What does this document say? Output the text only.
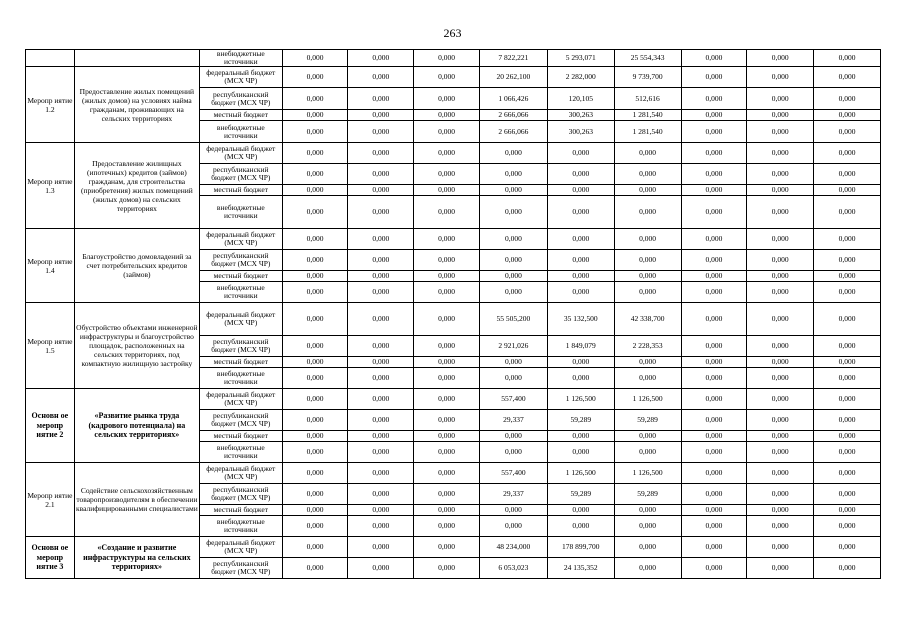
263
		внебюджетные источники	0,000	0,000	0,000	7 822,221	5 293,071	25 554,343	0,000	0,000	0,000
Меропр иятие 1.2	Предоставление жилых помещений (жилых домов) на условиях найма гражданам, проживающих на сельских территориях	федеральный бюджет (МСХ ЧР)	0,000	0,000	0,000	20 262,100	2 282,000	9 739,700	0,000	0,000	0,000
		республиканский бюджет (МСХ ЧР)	0,000	0,000	0,000	1 066,426	120,105	512,616	0,000	0,000	0,000
		местный бюджет	0,000	0,000	0,000	2 666,066	300,263	1 281,540	0,000	0,000	0,000
		внебюджетные источники	0,000	0,000	0,000	2 666,066	300,263	1 281,540	0,000	0,000	0,000
Меропр иятие 1.3	Предоставление жилищных (ипотечных) кредитов (займов) гражданам, для строительства (приобретения) жилых помещений (жилых домов) на сельских территориях	федеральный бюджет (МСХ ЧР)	0,000	0,000	0,000	0,000	0,000	0,000	0,000	0,000	0,000
		республиканский бюджет (МСХ ЧР)	0,000	0,000	0,000	0,000	0,000	0,000	0,000	0,000	0,000
		местный бюджет	0,000	0,000	0,000	0,000	0,000	0,000	0,000	0,000	0,000
		внебюджетные источники	0,000	0,000	0,000	0,000	0,000	0,000	0,000	0,000	0,000
Меропр иятие 1.4	Благоустройство домовладений за счет потребительских кредитов (займов)	федеральный бюджет (МСХ ЧР)	0,000	0,000	0,000	0,000	0,000	0,000	0,000	0,000	0,000
		республиканский бюджет (МСХ ЧР)	0,000	0,000	0,000	0,000	0,000	0,000	0,000	0,000	0,000
		местный бюджет	0,000	0,000	0,000	0,000	0,000	0,000	0,000	0,000	0,000
		внебюджетные источники	0,000	0,000	0,000	0,000	0,000	0,000	0,000	0,000	0,000
Меропр иятие 1.5	Обустройство объектами инженерной инфраструктуры и благоустройство площадок, расположенных на сельских территориях, под компактную жилищную застройку	федеральный бюджет (МСХ ЧР)	0,000	0,000	0,000	55 505,200	35 132,500	42 338,700	0,000	0,000	0,000
		республиканский бюджет (МСХ ЧР)	0,000	0,000	0,000	2 921,026	1 849,079	2 228,353	0,000	0,000	0,000
		местный бюджет	0,000	0,000	0,000	0,000	0,000	0,000	0,000	0,000	0,000
		внебюджетные источники	0,000	0,000	0,000	0,000	0,000	0,000	0,000	0,000	0,000
Основн ое меропр иятие 2	«Развитие рынка труда (кадрового потенциала) на сельских территориях»	федеральный бюджет (МСХ ЧР)	0,000	0,000	0,000	557,400	1 126,500	1 126,500	0,000	0,000	0,000
		республиканский бюджет (МСХ ЧР)	0,000	0,000	0,000	29,337	59,289	59,289	0,000	0,000	0,000
		местный бюджет	0,000	0,000	0,000	0,000	0,000	0,000	0,000	0,000	0,000
		внебюджетные источники	0,000	0,000	0,000	0,000	0,000	0,000	0,000	0,000	0,000
Меропр иятие 2.1	Содействие сельскохозяйственным товаропроизводителям в обеспечении квалифицированными специалистами	федеральный бюджет (МСХ ЧР)	0,000	0,000	0,000	557,400	1 126,500	1 126,500	0,000	0,000	0,000
		республиканский бюджет (МСХ ЧР)	0,000	0,000	0,000	29,337	59,289	59,289	0,000	0,000	0,000
		местный бюджет	0,000	0,000	0,000	0,000	0,000	0,000	0,000	0,000	0,000
		внебюджетные источники	0,000	0,000	0,000	0,000	0,000	0,000	0,000	0,000	0,000
Основн ое меропр иятие 3	«Создание и развитие инфраструктуры на сельских территориях»	федеральный бюджет (МСХ ЧР)	0,000	0,000	0,000	48 234,000	178 899,700	0,000	0,000	0,000	0,000
		республиканский бюджет (МСХ ЧР)	0,000	0,000	0,000	6 053,023	24 135,352	0,000	0,000	0,000	0,000
